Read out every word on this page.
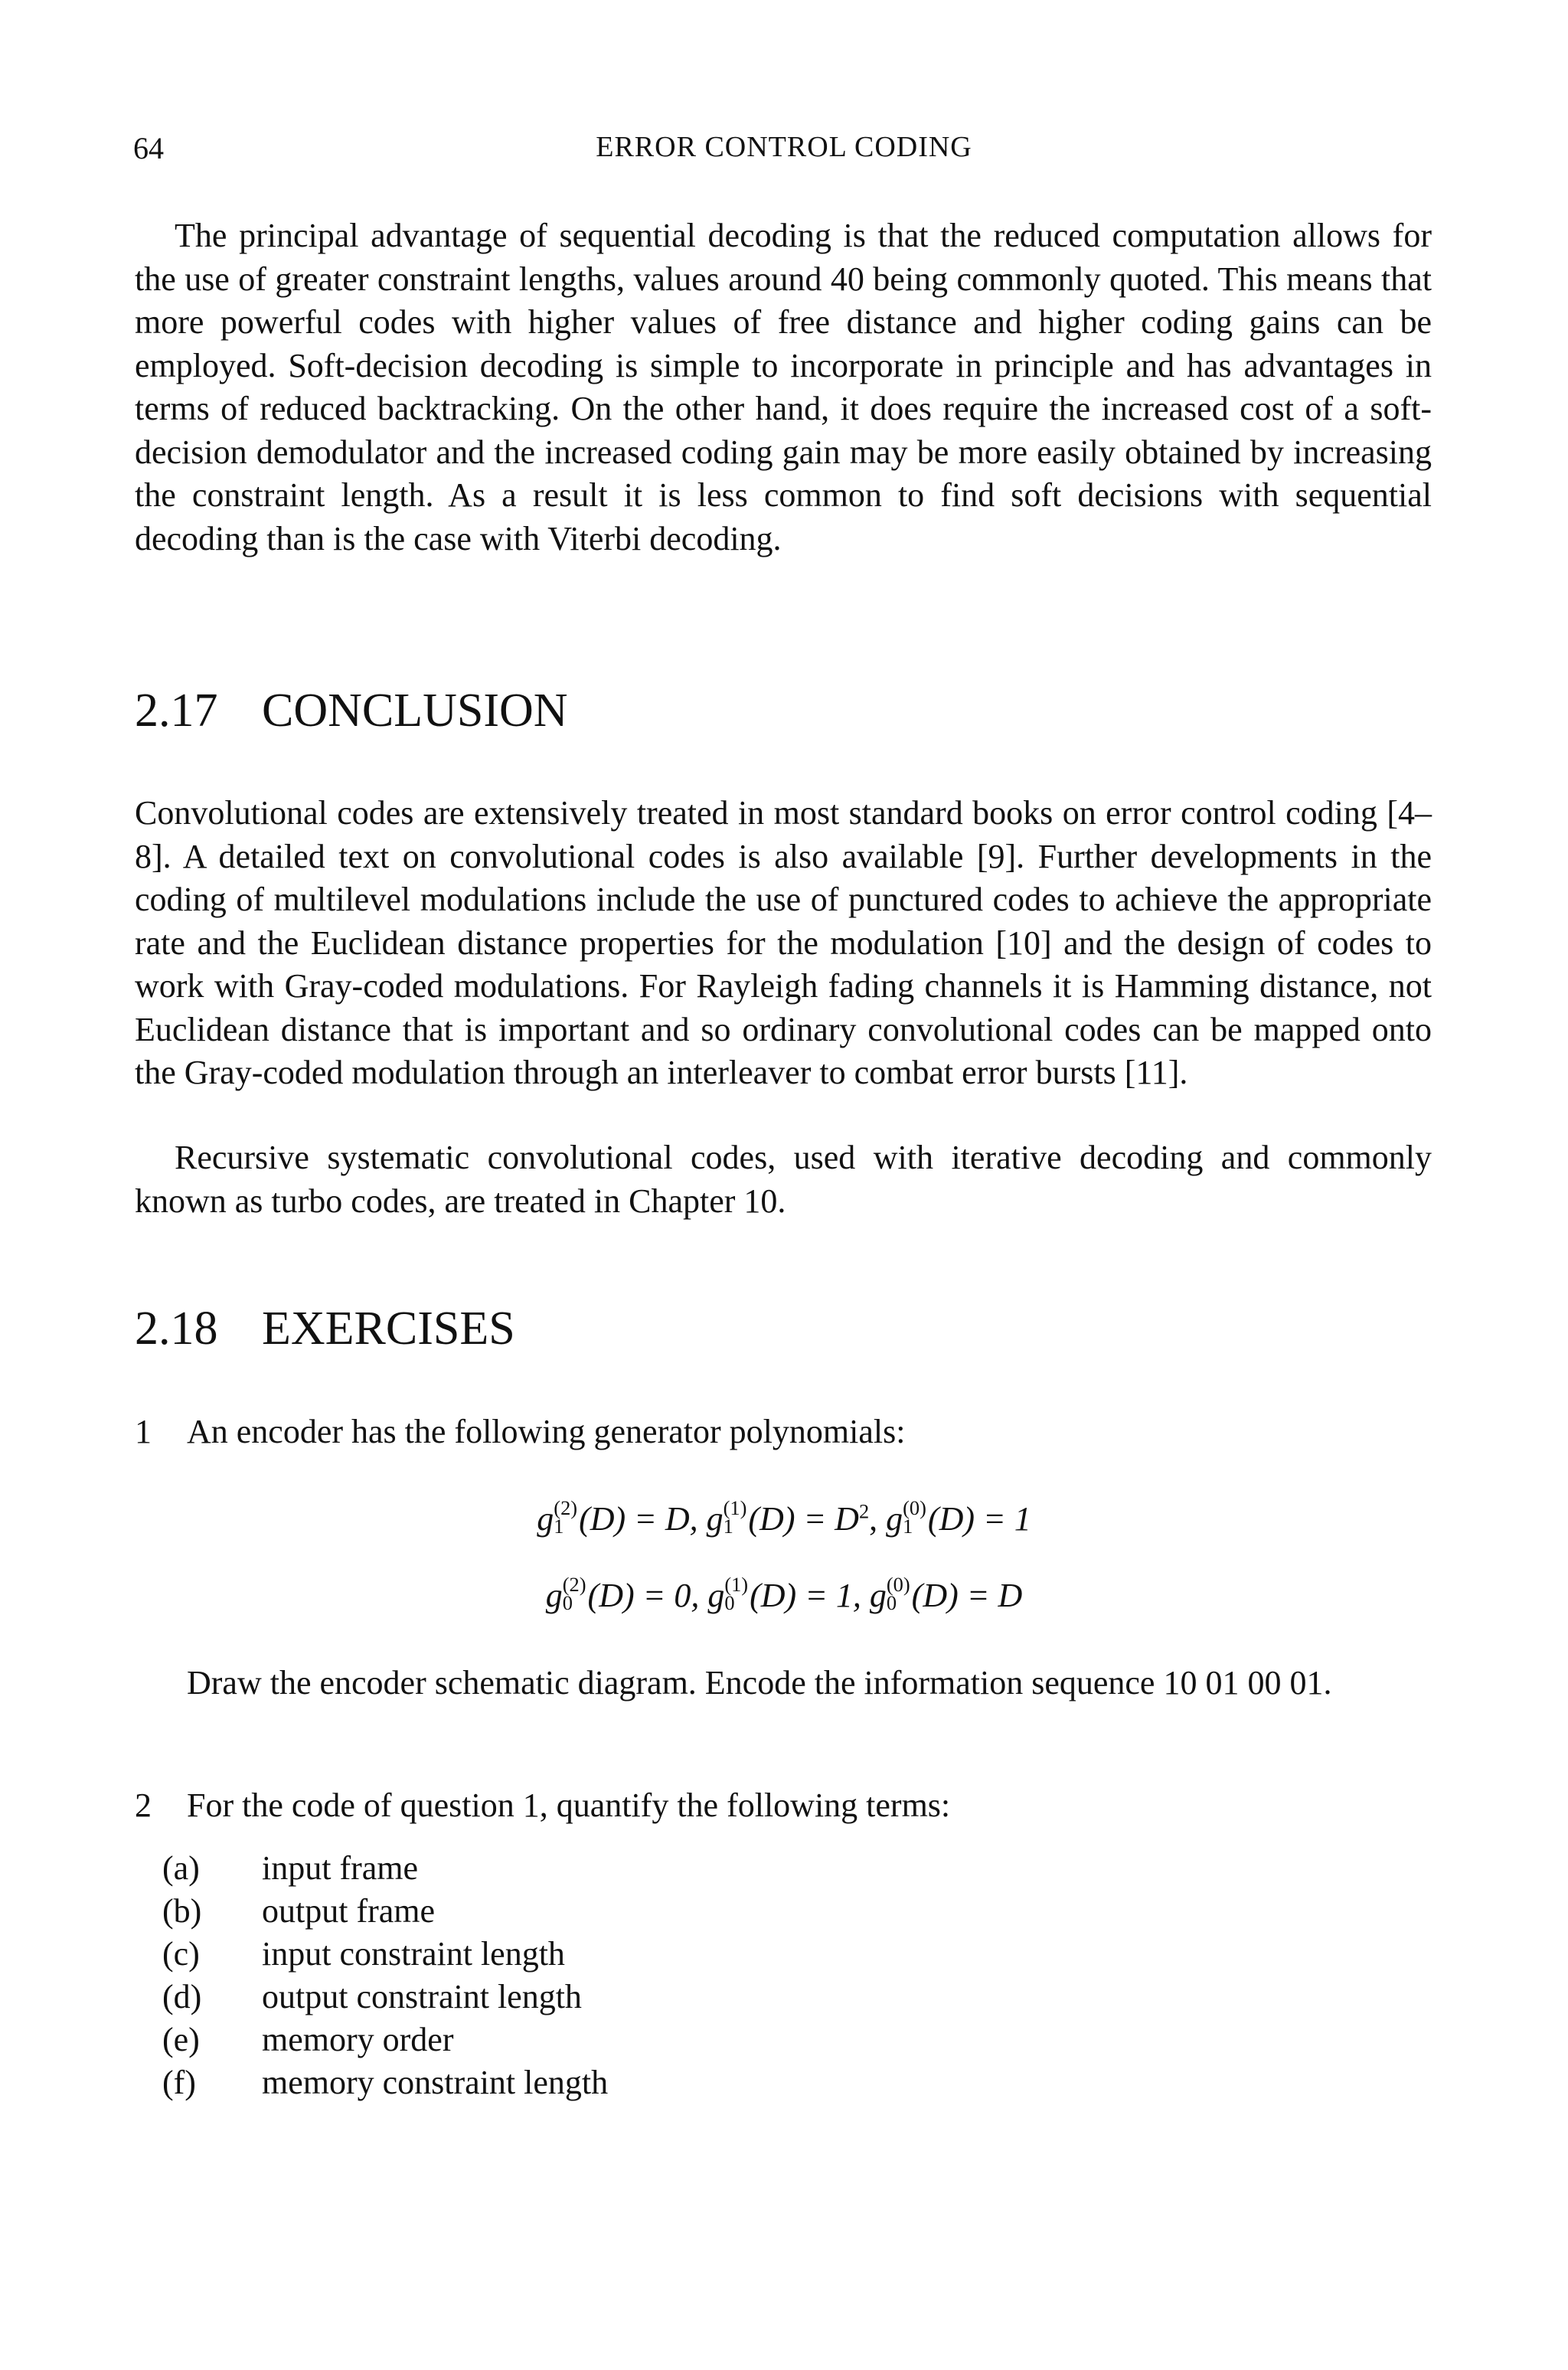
64	ERROR CONTROL CODING

The principal advantage of sequential decoding is that the reduced computation allows for the use of greater constraint lengths, values around 40 being commonly quoted. This means that more powerful codes with higher values of free distance and higher coding gains can be employed. Soft-decision decoding is simple to incorporate in principle and has advantages in terms of reduced backtracking. On the other hand, it does require the increased cost of a soft-decision demodulator and the increased coding gain may be more easily obtained by increasing the constraint length. As a result it is less common to find soft decisions with sequential decoding than is the case with Viterbi decoding.

2.17 CONCLUSION

Convolutional codes are extensively treated in most standard books on error control coding [4–8]. A detailed text on convolutional codes is also available [9]. Further developments in the coding of multilevel modulations include the use of punctured codes to achieve the appropriate rate and the Euclidean distance properties for the modulation [10] and the design of codes to work with Gray-coded modulations. For Rayleigh fading channels it is Hamming distance, not Euclidean distance that is important and so ordinary convolutional codes can be mapped onto the Gray-coded modulation through an interleaver to combat error bursts [11].

Recursive systematic convolutional codes, used with iterative decoding and commonly known as turbo codes, are treated in Chapter 10.

2.18 EXERCISES
1 An encoder has the following generator polynomials:
g (2)
1 (D) = D, g (1)
1 $(D) = D^2$, g (0)
1 (D) = 1
g (2)
0 (D) = 0, g (1)
0 (D) = 1, g (0)
0 (D) = D
Draw the encoder schematic diagram. Encode the information sequence 10 01 00 01.
2 For the code of question 1, quantify the following terms:
(a) input frame
(b) output frame
(c) input constraint length
(d) output constraint length
(e) memory order
(f) memory constraint length
